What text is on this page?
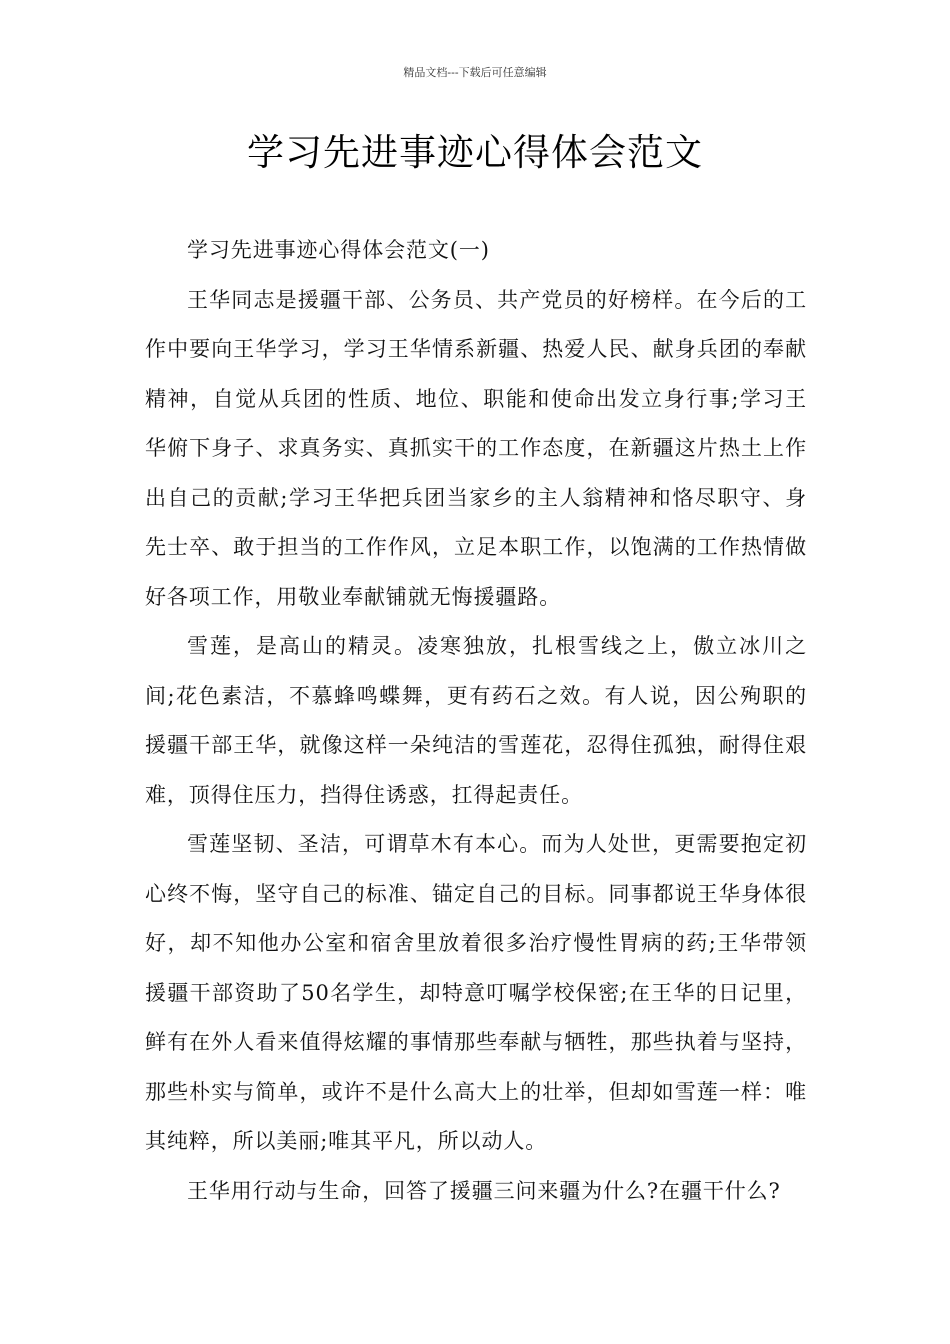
精品文档---下载后可任意编辑
学习先进事迹心得体会范文

学习先进事迹心得体会范文(一)

王华同志是援疆干部、公务员、共产党员的好榜样。在今后的工作中要向王华学习，学习王华情系新疆、热爱人民、献身兵团的奉献精神，自觉从兵团的性质、地位、职能和使命出发立身行事;学习王华俯下身子、求真务实、真抓实干的工作态度，在新疆这片热土上作出自己的贡献;学习王华把兵团当家乡的主人翁精神和恪尽职守、身先士卒、敢于担当的工作作风，立足本职工作，以饱满的工作热情做好各项工作，用敬业奉献铺就无悔援疆路。

雪莲，是高山的精灵。凌寒独放，扎根雪线之上，傲立冰川之间;花色素洁，不慕蜂鸣蝶舞，更有药石之效。有人说，因公殉职的援疆干部王华，就像这样一朵纯洁的雪莲花，忍得住孤独，耐得住艰难，顶得住压力，挡得住诱惑，扛得起责任。

雪莲坚韧、圣洁，可谓草木有本心。而为人处世，更需要抱定初心终不悔，坚守自己的标准、锚定自己的目标。同事都说王华身体很好，却不知他办公室和宿舍里放着很多治疗慢性胃病的药;王华带领援疆干部资助了50名学生，却特意叮嘱学校保密;在王华的日记里，鲜有在外人看来值得炫耀的事情那些奉献与牺牲，那些执着与坚持，那些朴实与简单，或许不是什么高大上的壮举，但却如雪莲一样：唯其纯粹，所以美丽;唯其平凡，所以动人。

王华用行动与生命，回答了援疆三问来疆为什么?在疆干什么?
